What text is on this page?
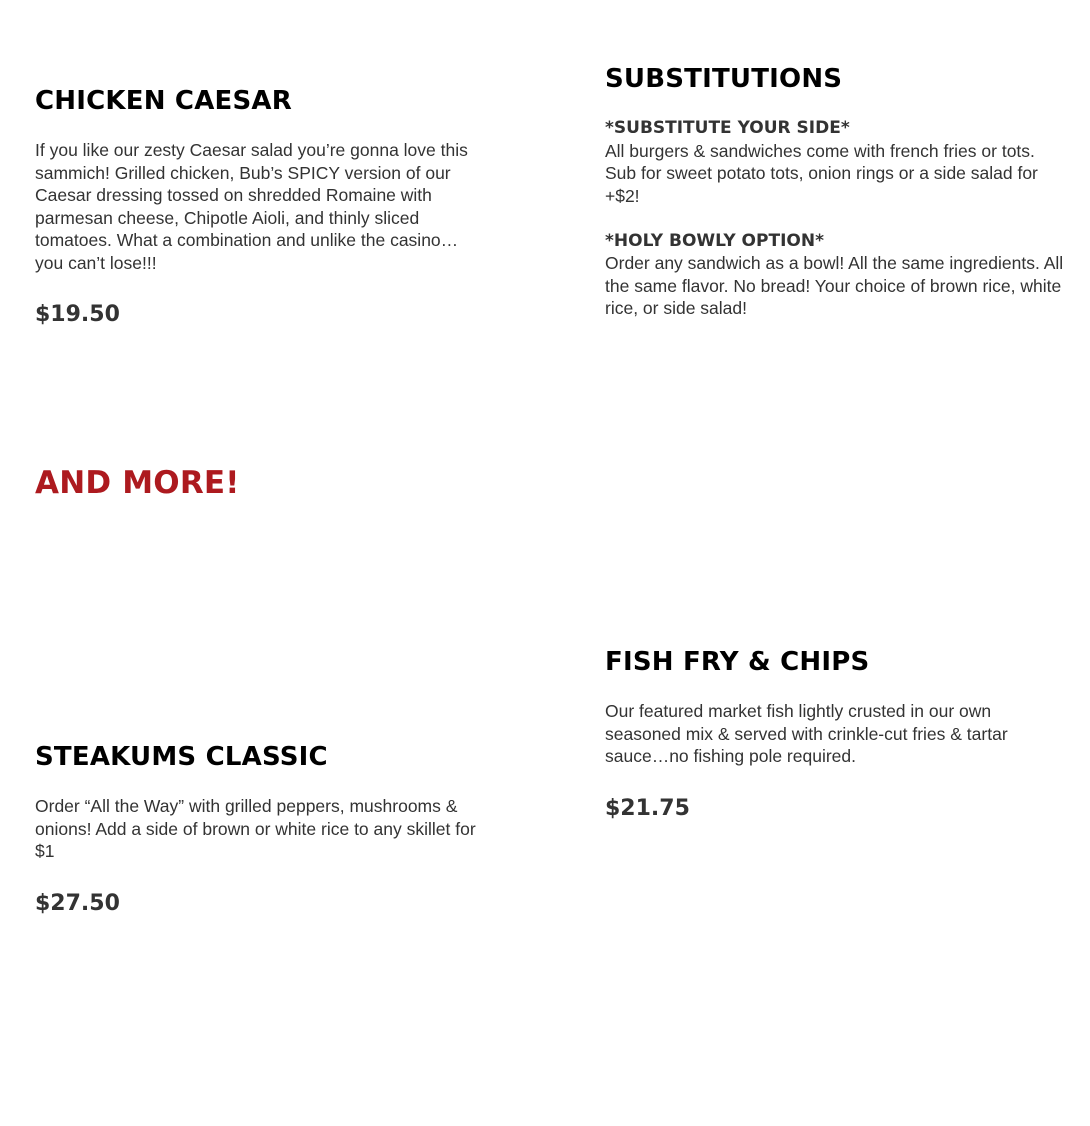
CHICKEN CAESAR

If you like our zesty Caesar salad you’re gonna love this sammich! Grilled chicken, Bub’s SPICY version of our Caesar dressing tossed on shredded Romaine with parmesan cheese, Chipotle Aioli, and thinly sliced tomatoes. What a combination and unlike the casino…you can’t lose!!!

$19.50

SUBSTITUTIONS
*SUBSTITUTE YOUR SIDE*

All burgers & sandwiches come with french fries or tots. Sub for sweet potato tots, onion rings or a side salad for +$2!

*HOLY BOWLY OPTION*

Order any sandwich as a bowl! All the same ingredients. All the same flavor. No bread! Your choice of brown rice, white rice, or side salad!

AND MORE!
FISH FRY & CHIPS

Our featured market fish lightly crusted in our own seasoned mix & served with crinkle-cut fries & tartar sauce…no fishing pole required.

$21.75

STEAKUMS CLASSIC

Order “All the Way” with grilled peppers, mushrooms & onions! Add a side of brown or white rice to any skillet for $1

$27.50
